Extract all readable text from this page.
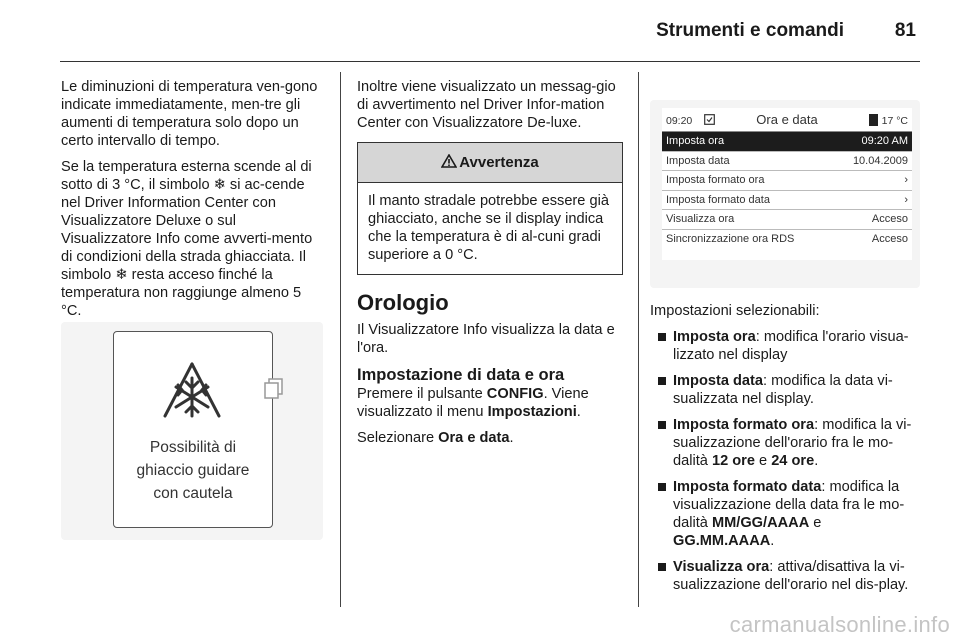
Strumenti e comandi	81

Le diminuzioni di temperatura ven-gono indicate immediatamente, men-tre gli aumenti di temperatura solo dopo un certo intervallo di tempo.

Se la temperatura esterna scende al di sotto di 3 °C, il simbolo ❄ si ac-cende nel Driver Information Center con Visualizzatore Deluxe o sul Visualizzatore Info come avverti-mento di condizioni della strada ghiacciata. Il simbolo ❄ resta acceso finché la temperatura non raggiunge almeno 5 °C.

Possibilità di
ghiaccio guidare
con cautela

Inoltre viene visualizzato un messag-gio di avvertimento nel Driver Infor-mation Center con Visualizzatore De-luxe.

Avvertenza
Il manto stradale potrebbe essere già ghiacciato, anche se il display indica che la temperatura è di al-cuni gradi superiore a 0 °C.
Orologio

Il Visualizzatore Info visualizza la data e l'ora.

Impostazione di data e ora

Premere il pulsante CONFIG. Viene visualizzato il menu Impostazioni.

Selezionare Ora e data.

Ora e data
09:20	17 °C
Imposta ora	09:20 AM
Imposta data	10.04.2009
Imposta formato ora	›
Imposta formato data	›
Visualizza ora	Acceso
Sincronizzazione ora RDS	Acceso

Impostazioni selezionabili:

Imposta ora: modifica l'orario visua-lizzato nel display
Imposta data: modifica la data vi-sualizzata nel display.
Imposta formato ora: modifica la vi-sualizzazione dell'orario fra le mo-dalità 12 ore e 24 ore.
Imposta formato data: modifica la visualizzazione della data fra le mo-dalità MM/GG/AAAA e GG.MM.AAAA.
Visualizza ora: attiva/disattiva la vi-sualizzazione dell'orario nel dis-play.
carmanualsonline.info
